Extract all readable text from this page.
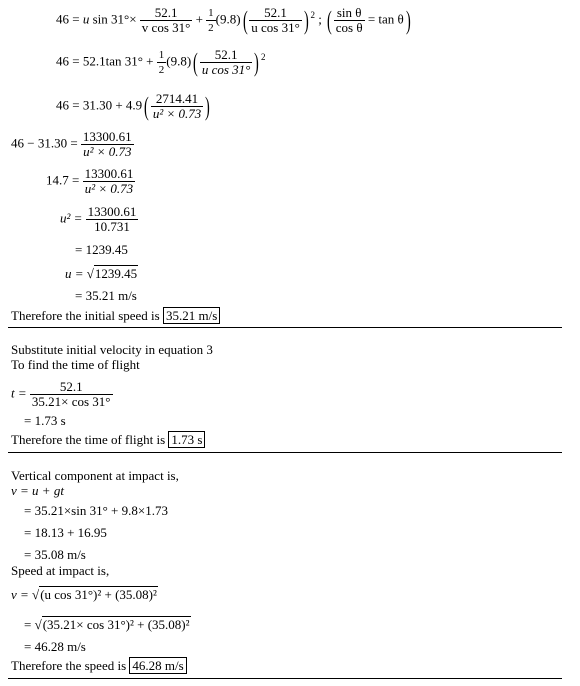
46 = u $\sin 31^\circ\times \frac{52.1}{\text{v cos 31°}} + \frac{1}{2} (9.8)( \frac{52.1}{\text{u cos 31°}}$ ) $^2$ ; ( $\frac{\text{sin θ}}{\text{cos θ}} = \tan \theta$)
46 = 52.1tan $31^\circ + \frac{1}{2} (9.8)( \frac{52.1}{\text{u cos 31°}}$ ) $^2$
$46 = 31.30 + 4.9( \frac{2714.41}{\text{u² × 0.73}}$ )
$46 - 31.30 = \frac{13300.61}{\text{u² × 0.73}}$
$14.7 = \frac{13300.61}{\text{u² × 0.73}}$
$u^2 = \frac{13300.61}{10.731}$
= 1239.45
u = √1239.45
= 35.21 m/s
Therefore the initial speed is 35.21 m/s
Substitute initial velocity in equation 3
To find the time of flight
$t = \frac{52.1}{35.21\times \cos 31^\circ}$
= 1.73 s
Therefore the time of flight is 1.73 s
Vertical component at impact is,
v = u + gt
= 35.21×sin 31° + 9.8×1.73
= 18.13 + 16.95
= 35.08 m/s
Speed at impact is,
v = √(u cos 31°)² + (35.08)²
= √(35.21× cos 31°)² + (35.08)²
= 46.28 m/s
Therefore the speed is 46.28 m/s
